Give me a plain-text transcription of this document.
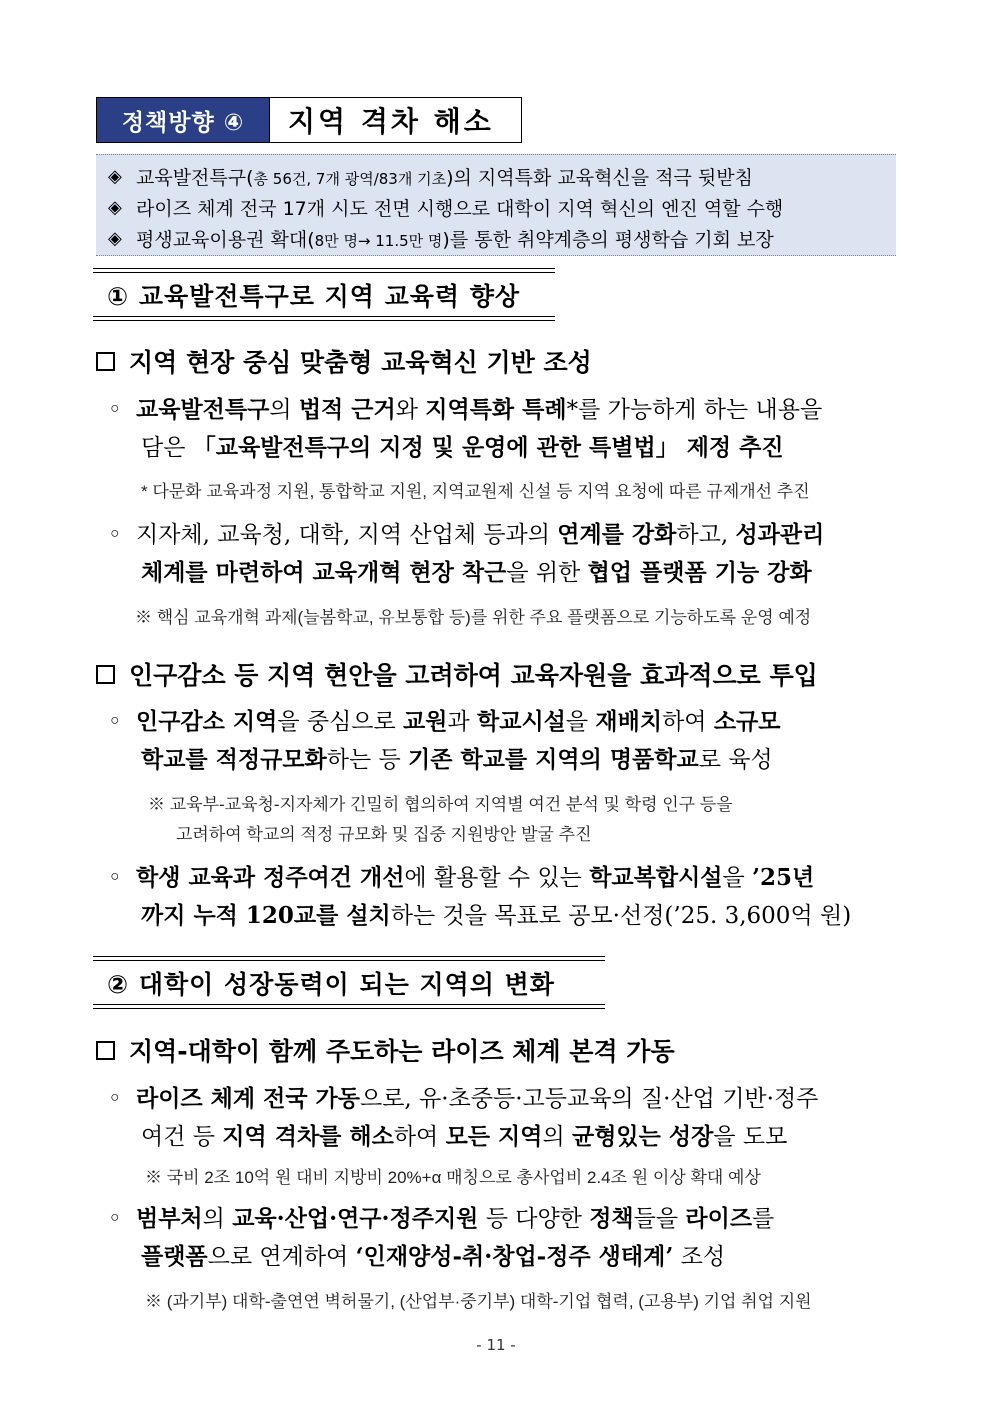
정책방향 ④	지역 격차 해소
◈ 교육발전특구(총 56건, 7개 광역/83개 기초)의 지역특화 교육혁신을 적극 뒷받침
◈ 라이즈 체계 전국 17개 시도 전면 시행으로 대학이 지역 혁신의 엔진 역할 수행
◈ 평생교육이용권 확대(8만 명→ 11.5만 명)를 통한 취약계층의 평생학습 기회 보장
① 교육발전특구로 지역 교육력 향상
지역 현장 중심 맞춤형 교육혁신 기반 조성
◦ 교육발전특구의 법적 근거와 지역특화 특례*를 가능하게 하는 내용을
담은 「교육발전특구의 지정 및 운영에 관한 특별법」 제정 추진
* 다문화 교육과정 지원, 통합학교 지원, 지역교원제 신설 등 지역 요청에 따른 규제개선 추진
◦ 지자체, 교육청, 대학, 지역 산업체 등과의 연계를 강화하고, 성과관리
체계를 마련하여 교육개혁 현장 착근을 위한 협업 플랫폼 기능 강화
※ 핵심 교육개혁 과제(늘봄학교, 유보통합 등)를 위한 주요 플랫폼으로 기능하도록 운영 예정
인구감소 등 지역 현안을 고려하여 교육자원을 효과적으로 투입
◦ 인구감소 지역을 중심으로 교원과 학교시설을 재배치하여 소규모
학교를 적정규모화하는 등 기존 학교를 지역의 명품학교로 육성
※ 교육부-교육청-지자체가 긴밀히 협의하여 지역별 여건 분석 및 학령 인구 등을
고려하여 학교의 적정 규모화 및 집중 지원방안 발굴 추진
◦ 학생 교육과 정주여건 개선에 활용할 수 있는 학교복합시설을 ’25년
까지 누적 120교를 설치하는 것을 목표로 공모·선정(’25. 3,600억 원)
② 대학이 성장동력이 되는 지역의 변화
지역-대학이 함께 주도하는 라이즈 체계 본격 가동
◦ 라이즈 체계 전국 가동으로, 유·초중등·고등교육의 질·산업 기반·정주
여건 등 지역 격차를 해소하여 모든 지역의 균형있는 성장을 도모
※ 국비 2조 10억 원 대비 지방비 20%+α 매칭으로 총사업비 2.4조 원 이상 확대 예상
◦ 범부처의 교육·산업·연구·정주지원 등 다양한 정책들을 라이즈를
플랫폼으로 연계하여 ‘인재양성-취·창업-정주 생태계’ 조성
※ (과기부) 대학-출연연 벽허물기, (산업부·중기부) 대학-기업 협력, (고용부) 기업 취업 지원
- 11 -
